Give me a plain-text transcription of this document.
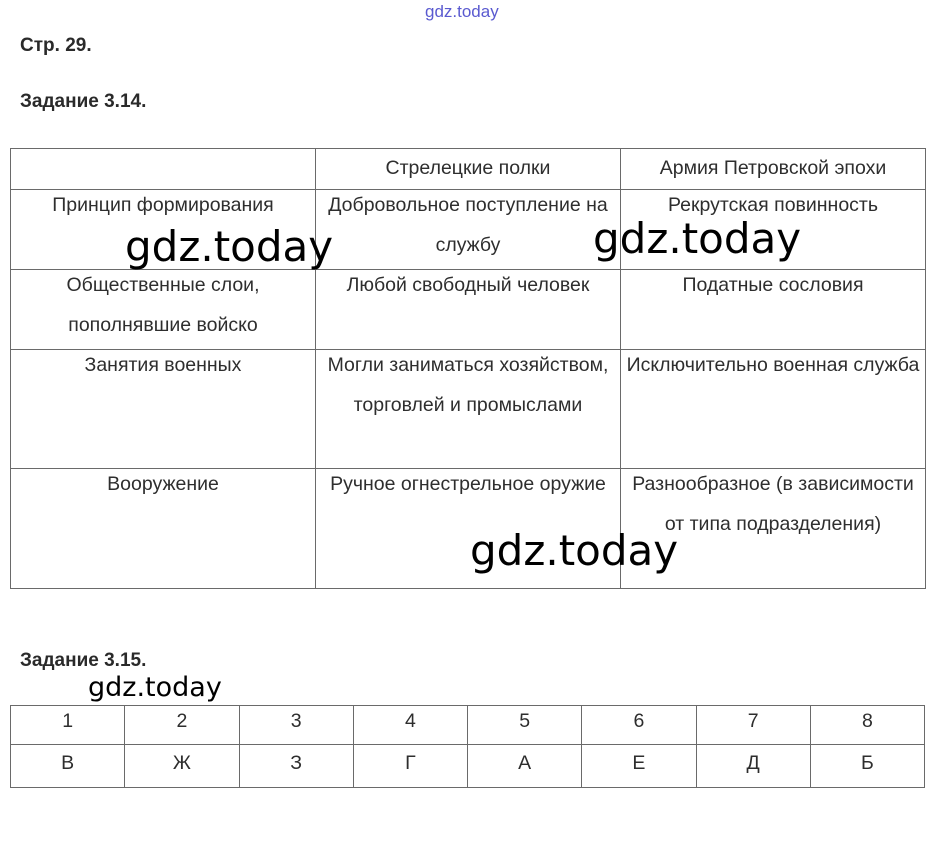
gdz.today
Стр. 29.
Задание 3.14.
	Стрелецкие полки	Армия Петровской эпохи

Принцип формирования	Добровольное поступление на службу	Рекрутская повинность

Общественные слои, пополнявшие войско	Любой свободный человек	Податные сословия

Занятия военных	Могли заниматься хозяйством, торговлей и промыслами	Исключительно военная служба

Вооружение	Ручное огнестрельное оружие	Разнообразное (в зависимости от типа подразделения)
Задание 3.15.
1	2	3	4	5	6	7	8
В	Ж	З	Г	А	Е	Д	Б
gdz.today	gdz.today
gdz.today
gdz.today
